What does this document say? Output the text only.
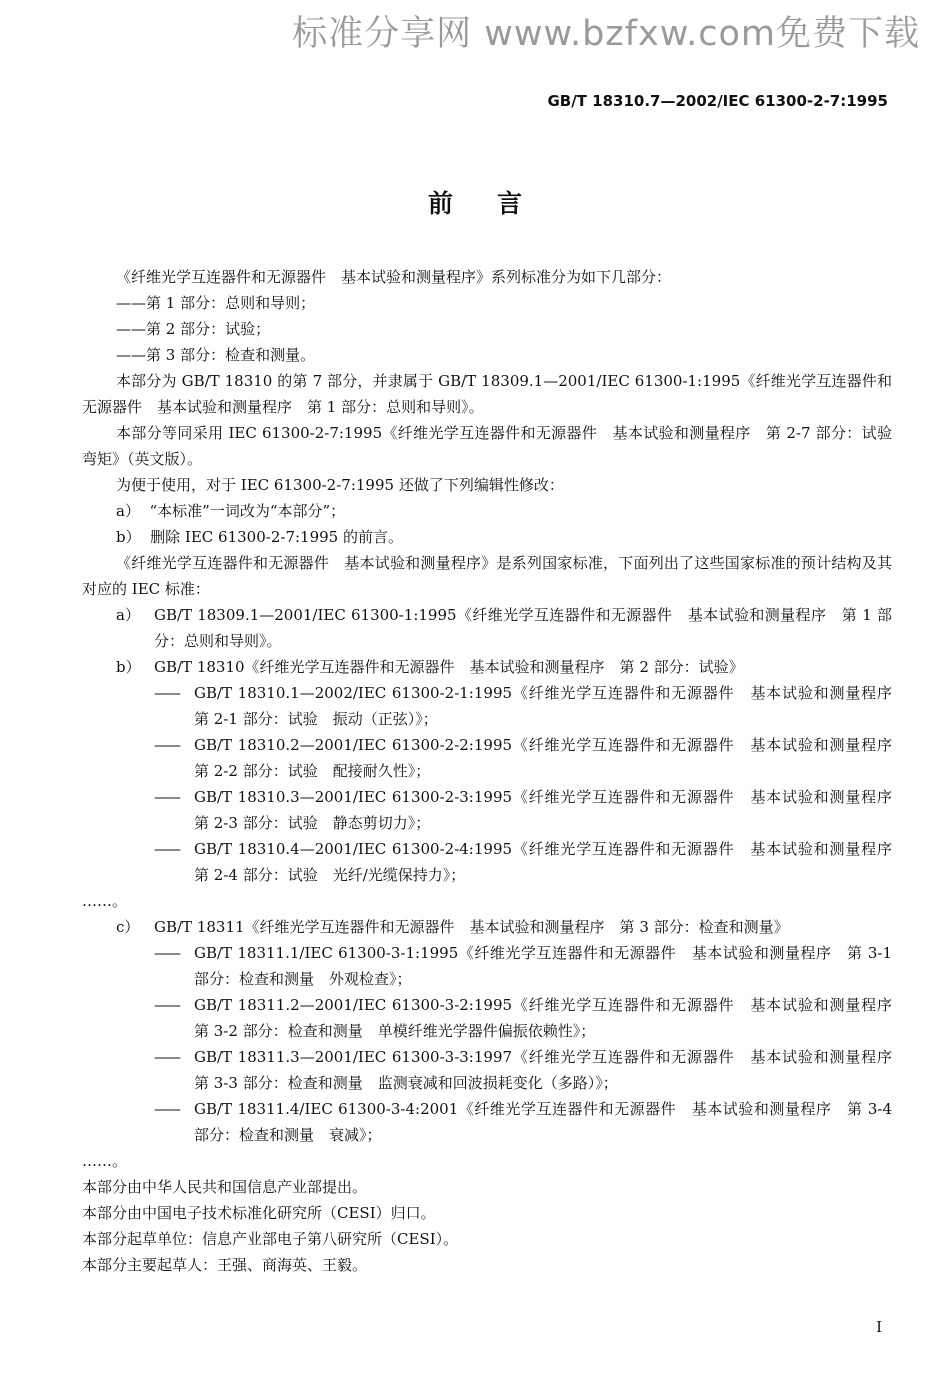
标准分享网 www.bzfxw.com免费下载
GB/T 18310.7—2002/IEC 61300-2-7:1995
前言

《纤维光学互连器件和无源器件　基本试验和测量程序》系列标准分为如下几部分：

——第 1 部分：总则和导则；

——第 2 部分：试验；

——第 3 部分：检查和测量。

本部分为 GB/T 18310 的第 7 部分，并隶属于 GB/T 18309.1—2001/IEC 61300-1:1995《纤维光学互连器件和无源器件　基本试验和测量程序　第 1 部分：总则和导则》。

本部分等同采用 IEC 61300-2-7:1995《纤维光学互连器件和无源器件　基本试验和测量程序　第 2-7 部分：试验　弯矩》（英文版）。

为便于使用，对于 IEC 61300-2-7:1995 还做了下列编辑性修改：

a） “本标准”一词改为“本部分”；

b） 删除 IEC 61300-2-7:1995 的前言。

《纤维光学互连器件和无源器件　基本试验和测量程序》是系列国家标准，下面列出了这些国家标准的预计结构及其对应的 IEC 标准：

a） GB/T 18309.1—2001/IEC 61300-1:1995《纤维光学互连器件和无源器件　基本试验和测量程序　第 1 部分：总则和导则》。
b） GB/T 18310《纤维光学互连器件和无源器件　基本试验和测量程序　第 2 部分：试验》
—— GB/T 18310.1—2002/IEC 61300-2-1:1995《纤维光学互连器件和无源器件　基本试验和测量程序　第 2-1 部分：试验　振动（正弦）》；
—— GB/T 18310.2—2001/IEC 61300-2-2:1995《纤维光学互连器件和无源器件　基本试验和测量程序　第 2-2 部分：试验　配接耐久性》；
—— GB/T 18310.3—2001/IEC 61300-2-3:1995《纤维光学互连器件和无源器件　基本试验和测量程序　第 2-3 部分：试验　静态剪切力》；
—— GB/T 18310.4—2001/IEC 61300-2-4:1995《纤维光学互连器件和无源器件　基本试验和测量程序　第 2-4 部分：试验　光纤/光缆保持力》；

……。

c） GB/T 18311《纤维光学互连器件和无源器件　基本试验和测量程序　第 3 部分：检查和测量》
—— GB/T 18311.1/IEC 61300-3-1:1995《纤维光学互连器件和无源器件　基本试验和测量程序　第 3-1 部分：检查和测量　外观检查》；
—— GB/T 18311.2—2001/IEC 61300-3-2:1995《纤维光学互连器件和无源器件　基本试验和测量程序　第 3-2 部分：检查和测量　单模纤维光学器件偏振依赖性》；
—— GB/T 18311.3—2001/IEC 61300-3-3:1997《纤维光学互连器件和无源器件　基本试验和测量程序　第 3-3 部分：检查和测量　监测衰减和回波损耗变化（多路）》；
—— GB/T 18311.4/IEC 61300-3-4:2001《纤维光学互连器件和无源器件　基本试验和测量程序　第 3-4 部分：检查和测量　衰减》；

……。

本部分由中华人民共和国信息产业部提出。

本部分由中国电子技术标准化研究所（CESI）归口。

本部分起草单位：信息产业部电子第八研究所（CESI）。

本部分主要起草人：王强、商海英、王毅。

I
